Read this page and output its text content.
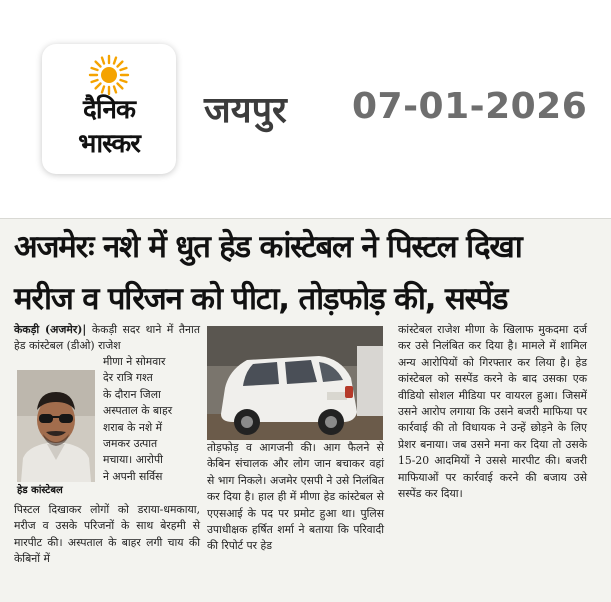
दैनिक
भास्कर
जयपुर 07-01-2026
अजमेरः नशे में धुत हेड कांस्टेबल ने पिस्टल दिखा
मरीज व परिजन को पीटा, तोड़फोड़ की, सस्पेंड
केकड़ी (अजमेर)| केकड़ी सदर थाने में तैनात हेड कांस्टेबल (डीओ) राजेश

मीणा ने सोमवार

देर रात्रि गश्त

के दौरान जिला

अस्पताल के बाहर

शराब के नशे में

जमकर उत्पात

मचाया। आरोपी

ने अपनी सर्विस

हेड कांस्टेबल
पिस्टल दिखाकर लोगों को डराया-धमकाया, मरीज व उसके परिजनों के साथ बेरहमी से मारपीट की। अस्पताल के बाहर लगी चाय की केबिनों में
तोड़फोड़ व आगजनी की। आग फैलने से केबिन संचालक और लोग जान बचाकर वहां से भाग निकले। अजमेर एसपी ने उसे निलंबित कर दिया है। हाल ही में मीणा हेड कांस्टेबल से एएसआई के पद पर प्रमोट हुआ था। पुलिस उपाधीक्षक हर्षित शर्मा ने बताया कि परिवादी की रिपोर्ट पर हेड
कांस्टेबल राजेश मीणा के खिलाफ मुकदमा दर्ज कर उसे निलंबित कर दिया है। मामले में शामिल अन्य आरोपियों को गिरफ्तार कर लिया है। हेड कांस्टेबल को सस्पेंड करने के बाद उसका एक वीडियो सोशल मीडिया पर वायरल हुआ। जिसमें उसने आरोप लगाया कि उसने बजरी माफिया पर कार्रवाई की तो विधायक ने उन्हें छोड़ने के लिए प्रेशर बनाया। जब उसने मना कर दिया तो उसके 15-20 आदमियों ने उससे मारपीट की। बजरी माफियाओं पर कार्रवाई करने की बजाय उसे सस्पेंड कर दिया।
